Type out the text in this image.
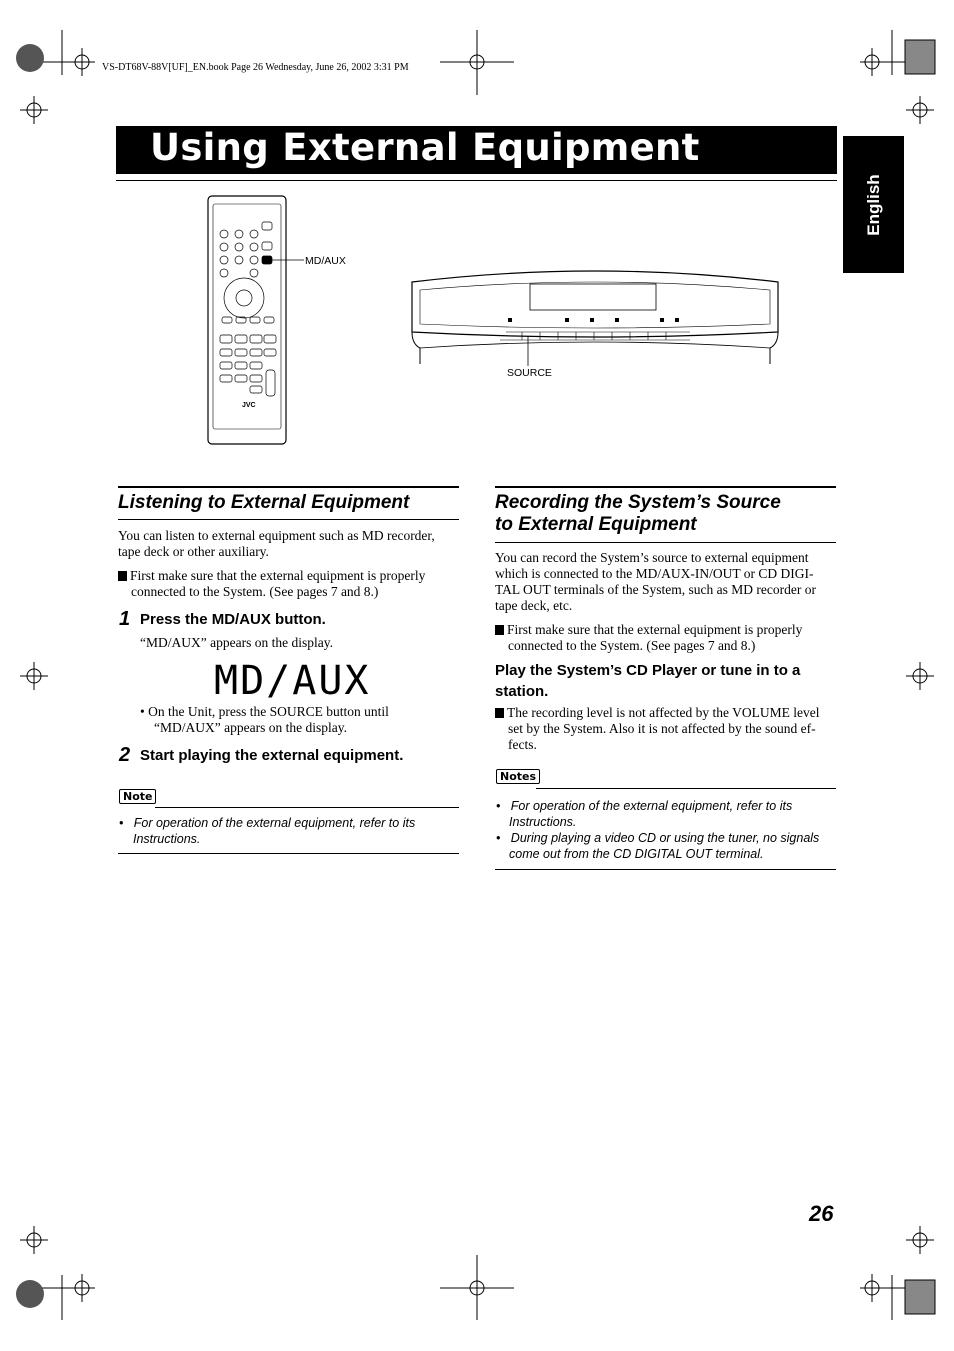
VS-DT68V-88V[UF]_EN.book Page 26 Wednesday, June 26, 2002 3:31 PM
Using External Equipment
English
JVC
MD/AUX
SOURCE
Listening to External Equipment
You can listen to external equipment such as MD recorder,
tape deck or other auxiliary.
First make sure that the external equipment is properly
connected to the System. (See pages 7 and 8.)
1 Press the MD/AUX button.
“MD/AUX” appears on the display.
MD/AUX
• On the Unit, press the SOURCE button until
“MD/AUX” appears on the display.
2 Start playing the external equipment.
Note
•   For operation of the external equipment, refer to its
Instructions.
Recording the System’s Source
to External Equipment
You can record the System’s source to external equipment
which is connected to the MD/AUX-IN/OUT or CD DIGI-
TAL OUT terminals of the System, such as MD recorder or
tape deck, etc.
First make sure that the external equipment is properly
connected to the System. (See pages 7 and 8.)
Play the System’s CD Player or tune in to a
station.
The recording level is not affected by the VOLUME level
set by the System. Also it is not affected by the sound ef-
fects.
Notes
•   For operation of the external equipment, refer to its
Instructions.
•   During playing a video CD or using the tuner, no signals
come out from the CD DIGITAL OUT terminal.
26
